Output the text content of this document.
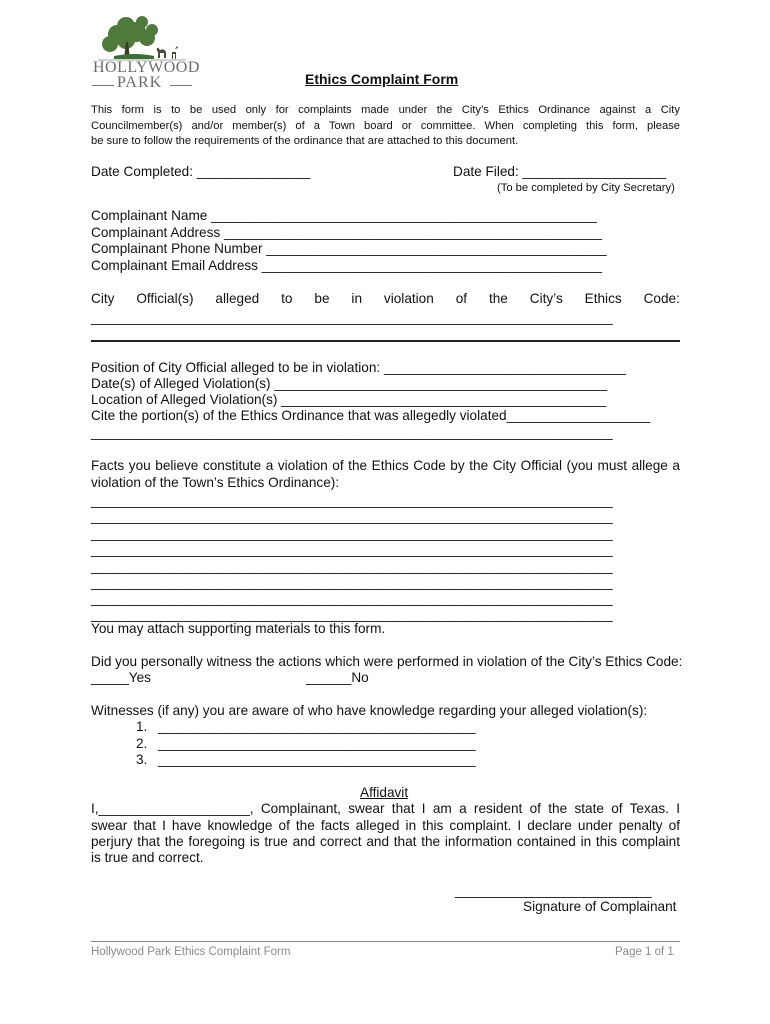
HOLLYWOOD
PARK	Ethics Complaint Form
This form is to be used only for complaints made under the City’s Ethics Ordinance against a City
Councilmember(s) and/or member(s) of a Town board or committee. When completing this form, please
be sure to follow the requirements of the ordinance that are attached to this document.
Date Completed: _______________	Date Filed: ___________________
(To be completed by City Secretary)
Complainant Name ___________________________________________________
Complainant Address __________________________________________________
Complainant Phone Number _____________________________________________
Complainant Email Address _____________________________________________
City Official(s) alleged to be in violation of the City’s Ethics Code:
_____________________________________________________________________
Position of City Official alleged to be in violation: ________________________________
Date(s) of Alleged Violation(s) ____________________________________________
Location of Alleged Violation(s) ___________________________________________
Cite the portion(s) of the Ethics Ordinance that was allegedly violated___________________
_____________________________________________________________________
Facts you believe constitute a violation of the Ethics Code by the City Official (you must allege a
violation of the Town’s Ethics Ordinance):
_____________________________________________________________________
_____________________________________________________________________
_____________________________________________________________________
_____________________________________________________________________
_____________________________________________________________________
_____________________________________________________________________
_____________________________________________________________________
_____________________________________________________________________
You may attach supporting materials to this form.
Did you personally witness the actions which were performed in violation of the City’s Ethics Code:
_____Yes	______No
Witnesses (if any) you are aware of who have knowledge regarding your alleged violation(s):
1. __________________________________________
2. __________________________________________
3. __________________________________________
Affidavit
I,____________________, Complainant, swear that I am a resident of the state of Texas. I
swear that I have knowledge of the facts alleged in this complaint. I declare under penalty of
perjury that the foregoing is true and correct and that the information contained in this complaint
is true and correct.
__________________________
Signature of Complainant
Hollywood Park Ethics Complaint Form	Page 1 of 1
